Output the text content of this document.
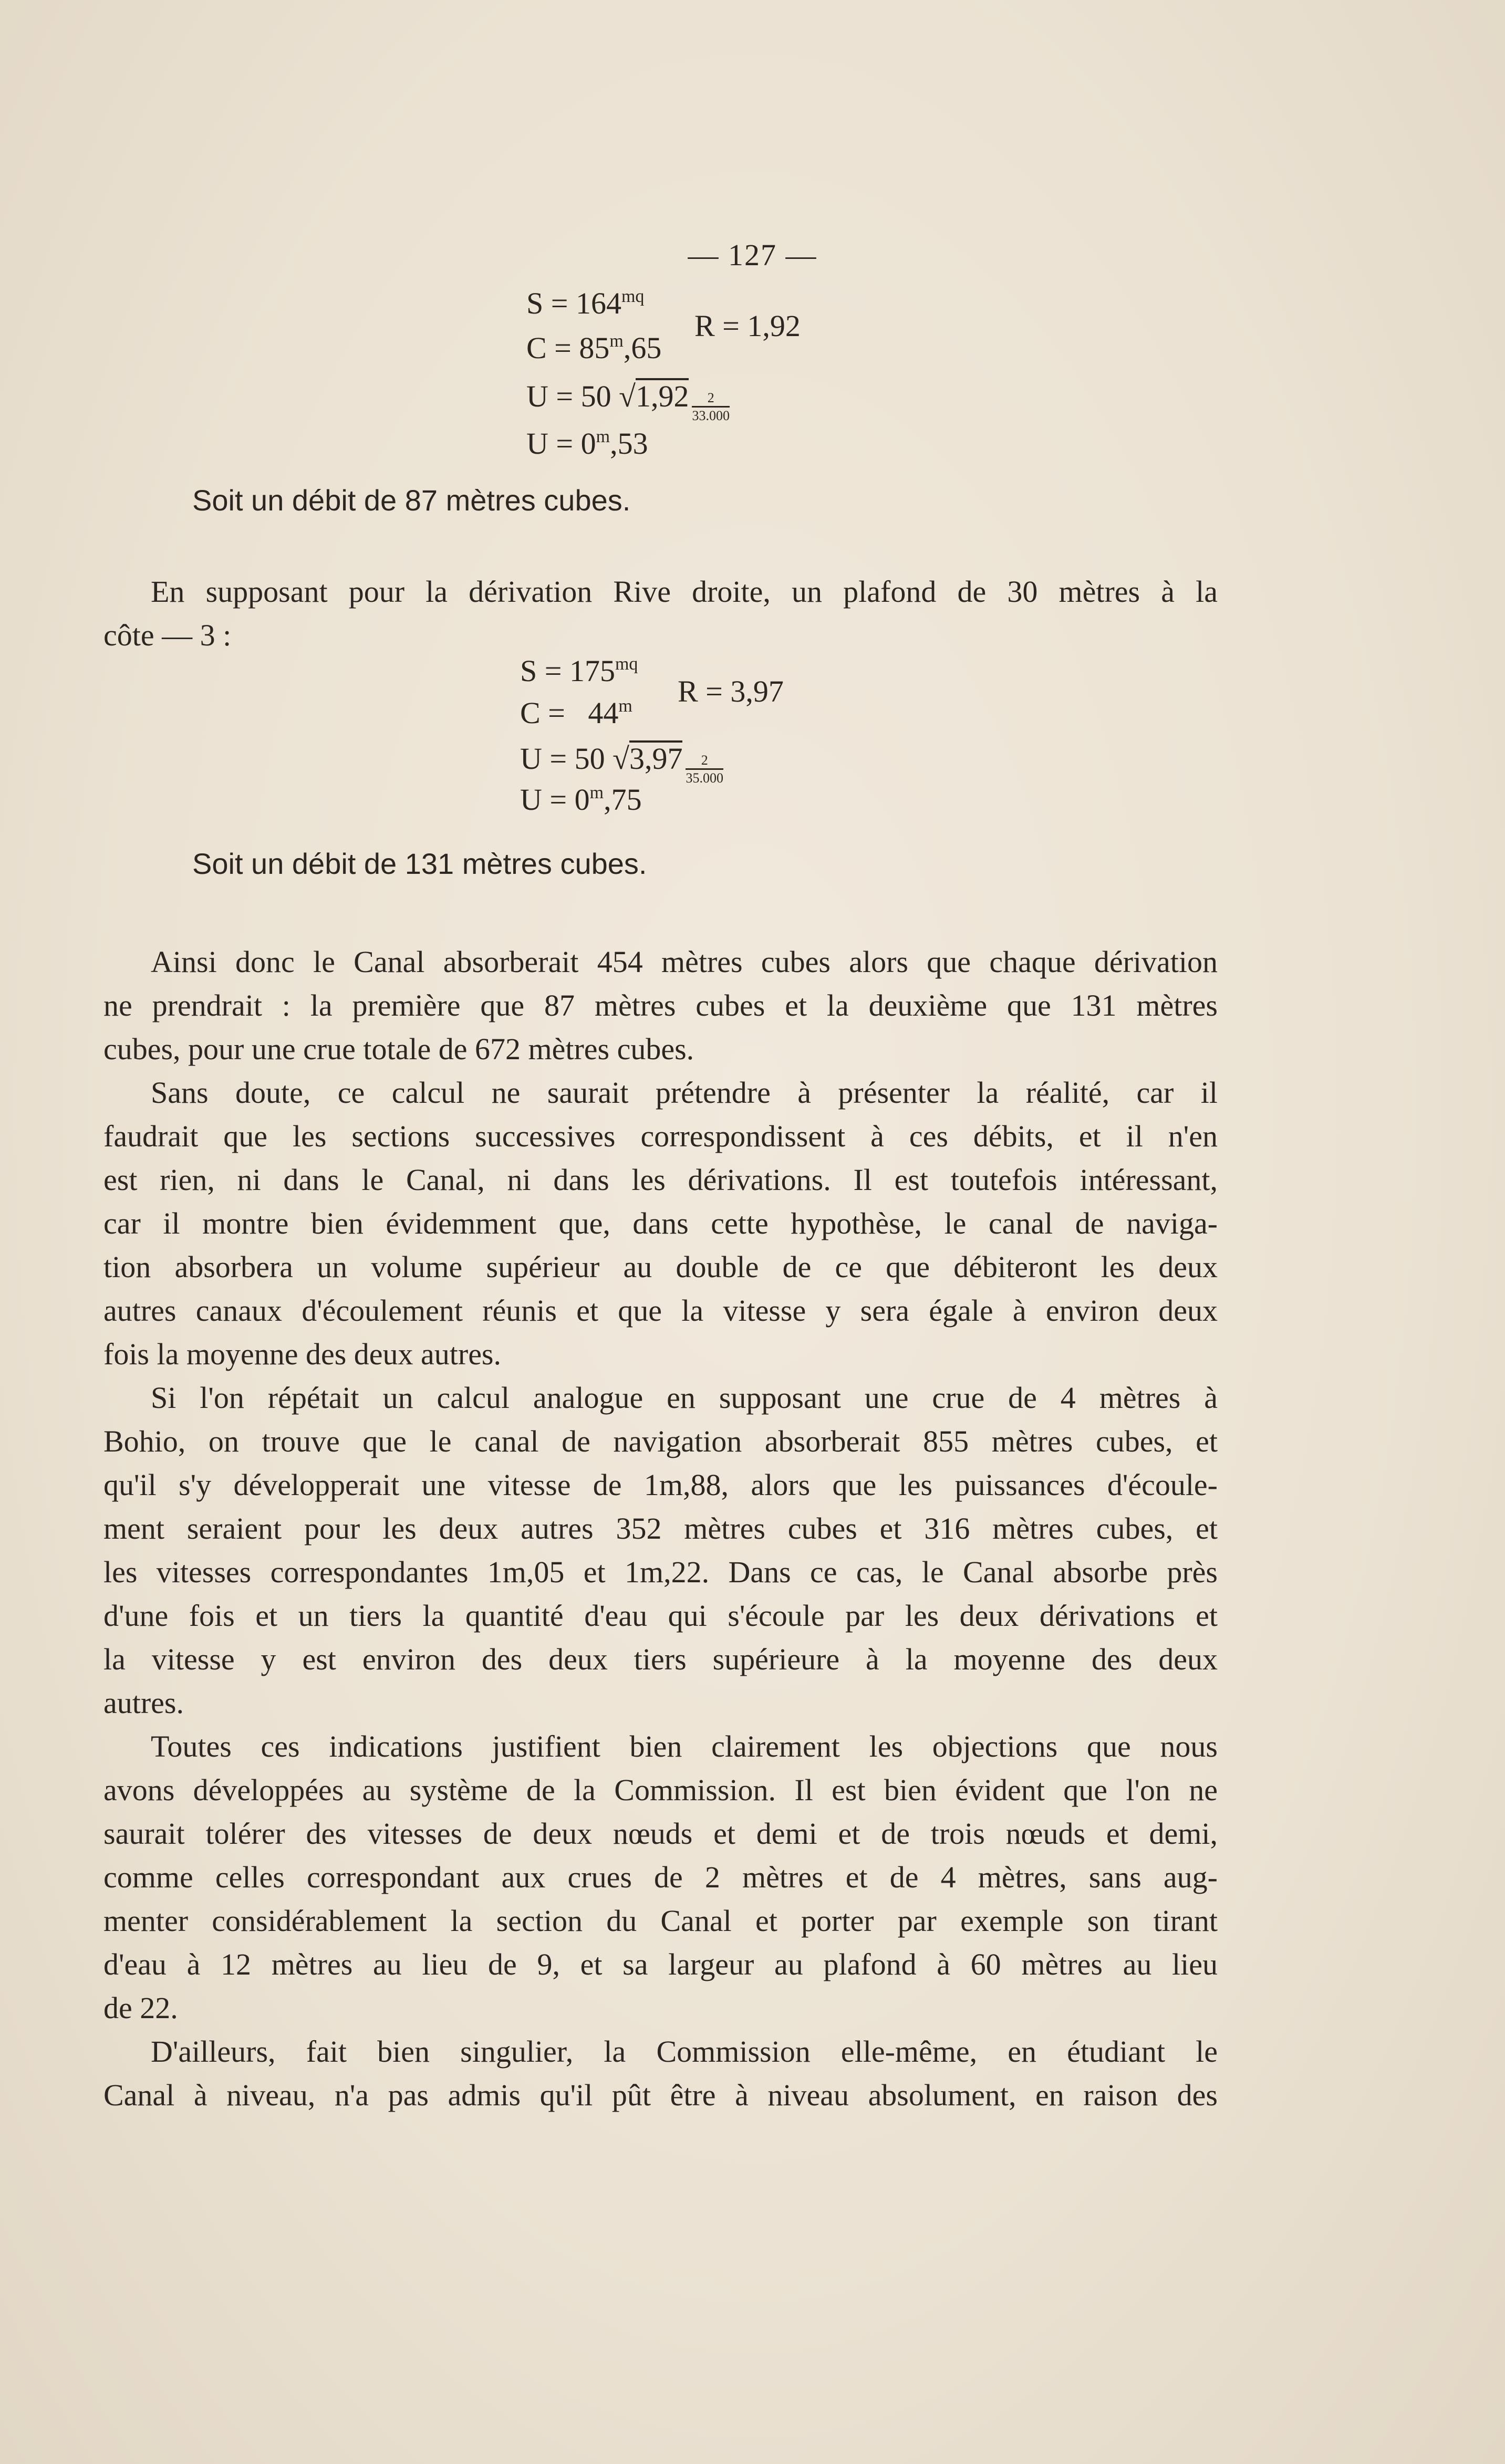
— 127 —
$S = 164^{mq}$
$C = 85^m,65$
R = 1,92
U = 50 $√1,92 \frac{2}{33.000}$
$U = 0^m,53$
Soit un débit de 87 mètres cubes.
En supposant pour la dérivation Rive droite, un plafond de 30 mètres à la
côte — 3 :
$S = 175^{mq}$
C =   44$^m$ R = 3,97
U = 50 $√3,97 \frac{2}{35.000}$
$U = 0^m,75$
Soit un débit de 131 mètres cubes.
Ainsi donc le Canal absorberait 454 mètres cubes alors que chaque dérivation
ne prendrait : la première que 87 mètres cubes et la deuxième que 131 mètres
cubes, pour une crue totale de 672 mètres cubes.
Sans doute, ce calcul ne saurait prétendre à présenter la réalité, car il
faudrait que les sections successives correspondissent à ces débits, et il n'en
est rien, ni dans le Canal, ni dans les dérivations. Il est toutefois intéressant,
car il montre bien évidemment que, dans cette hypothèse, le canal de naviga-
tion absorbera un volume supérieur au double de ce que débiteront les deux
autres canaux d'écoulement réunis et que la vitesse y sera égale à environ deux
fois la moyenne des deux autres.
Si l'on répétait un calcul analogue en supposant une crue de 4 mètres à
Bohio, on trouve que le canal de navigation absorberait 855 mètres cubes, et
qu'il s'y développerait une vitesse de 1m,88, alors que les puissances d'écoule-
ment seraient pour les deux autres 352 mètres cubes et 316 mètres cubes, et
les vitesses correspondantes 1m,05 et 1m,22. Dans ce cas, le Canal absorbe près
d'une fois et un tiers la quantité d'eau qui s'écoule par les deux dérivations et
la vitesse y est environ des deux tiers supérieure à la moyenne des deux
autres.
Toutes ces indications justifient bien clairement les objections que nous
avons développées au système de la Commission. Il est bien évident que l'on ne
saurait tolérer des vitesses de deux nœuds et demi et de trois nœuds et demi,
comme celles correspondant aux crues de 2 mètres et de 4 mètres, sans aug-
menter considérablement la section du Canal et porter par exemple son tirant
d'eau à 12 mètres au lieu de 9, et sa largeur au plafond à 60 mètres au lieu
de 22.
D'ailleurs, fait bien singulier, la Commission elle-même, en étudiant le
Canal à niveau, n'a pas admis qu'il pût être à niveau absolument, en raison des
